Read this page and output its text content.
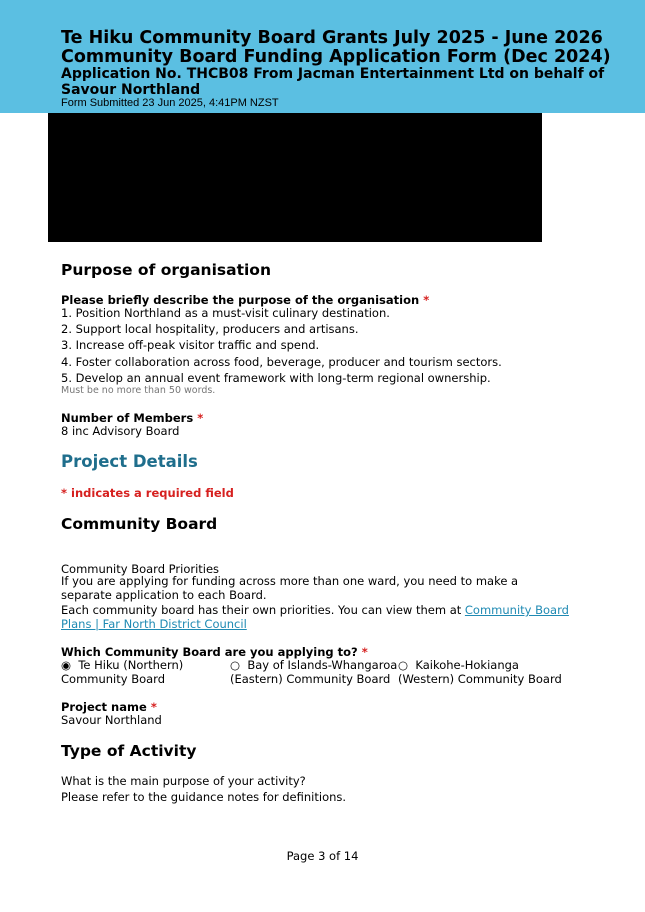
Te Hiku Community Board Grants July 2025 - June 2026
Community Board Funding Application Form (Dec 2024)
Application No. THCB08 From Jacman Entertainment Ltd on behalf of Savour Northland
Form Submitted 23 Jun 2025, 4:41PM NZST
Purpose of organisation
Please briefly describe the purpose of the organisation *
1. Position Northland as a must-visit culinary destination.
2. Support local hospitality, producers and artisans.
3. Increase off-peak visitor traffic and spend.
4. Foster collaboration across food, beverage, producer and tourism sectors.
5. Develop an annual event framework with long-term regional ownership.
Must be no more than 50 words.
Number of Members *
8 inc Advisory Board
Project Details
* indicates a required field
Community Board
Community Board Priorities
If you are applying for funding across more than one ward, you need to make a separate application to each Board.
Each community board has their own priorities. You can view them at Community Board Plans | Far North District Council
Which Community Board are you applying to? *
◉ Te Hiku (Northern)
Community Board
○ Bay of Islands-Whangaroa
(Eastern) Community Board
○ Kaikohe-Hokianga
(Western) Community Board
Project name *
Savour Northland
Type of Activity
What is the main purpose of your activity?
Please refer to the guidance notes for definitions.
Page 3 of 14
